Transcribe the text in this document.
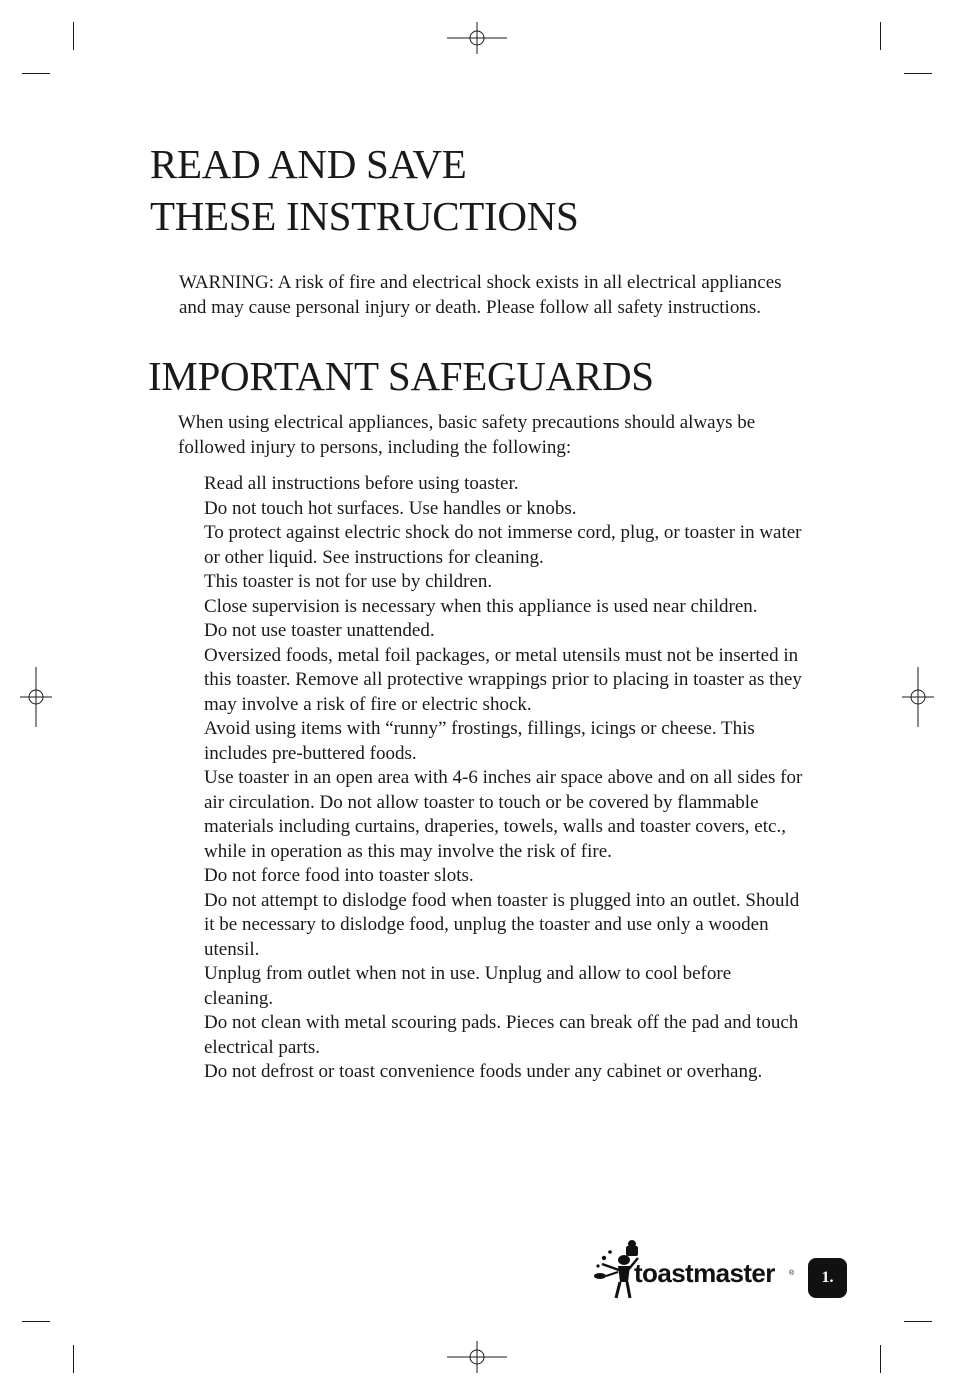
READ AND SAVE
THESE INSTRUCTIONS

WARNING: A risk of fire and electrical shock exists in all electrical appliances and may cause personal injury or death. Please follow all safety instructions.

IMPORTANT SAFEGUARDS

When using electrical appliances, basic safety precautions should always be followed injury to persons, including the following:

Read all instructions before using toaster.
Do not touch hot surfaces. Use handles or knobs.
To protect against electric shock do not immerse cord, plug, or toaster in water or other liquid. See instructions for cleaning.
This toaster is not for use by children.
Close supervision is necessary when this appliance is used near children.
Do not use toaster unattended.
Oversized foods, metal foil packages, or metal utensils must not be inserted in this toaster. Remove all protective wrappings prior to placing in toaster as they may involve a risk of fire or electric shock.
Avoid using items with “runny” frostings, fillings, icings or cheese. This includes pre-buttered foods.
Use toaster in an open area with 4-6 inches air space above and on all sides for air circulation. Do not allow toaster to touch or be covered by flammable materials including curtains, draperies, towels, walls and toaster covers, etc., while in operation as this may involve the risk of fire.
Do not force food into toaster slots.
Do not attempt to dislodge food when toaster is plugged into an outlet. Should it be necessary to dislodge food, unplug the toaster and use only a wooden utensil.
Unplug from outlet when not in use. Unplug and allow to cool before cleaning.
Do not clean with metal scouring pads. Pieces can break off the pad and touch electrical parts.
Do not defrost or toast convenience foods under any cabinet or overhang.
toastmaster ® 1.
